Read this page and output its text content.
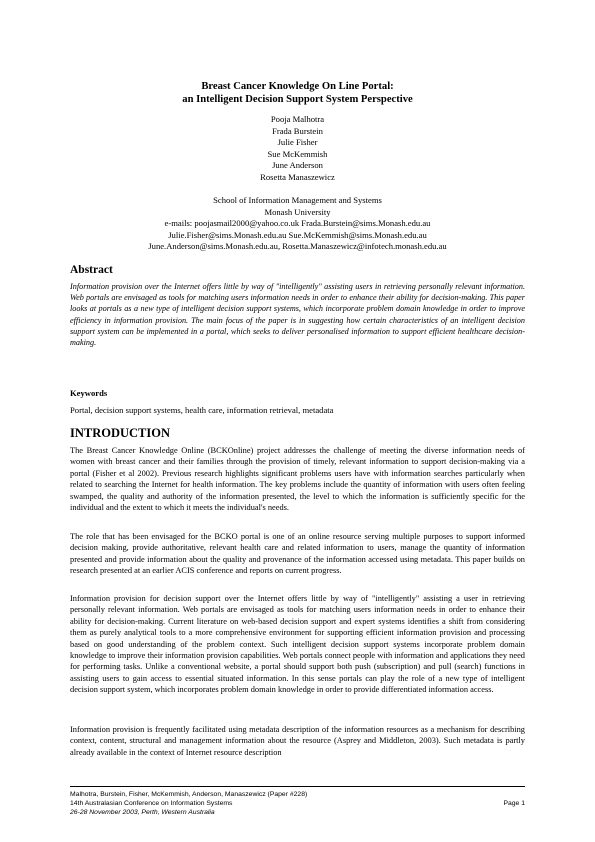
Breast Cancer Knowledge On Line Portal:
an Intelligent Decision Support System Perspective
Pooja Malhotra
Frada Burstein
Julie Fisher
Sue McKemmish
June Anderson
Rosetta Manaszewicz
School of Information Management and Systems
Monash University
e-mails: poojasmail2000@yahoo.co.uk Frada.Burstein@sims.Monash.edu.au
Julie.Fisher@sims.Monash.edu.au Sue.McKemmish@sims.Monash.edu.au
June.Anderson@sims.Monash.edu.au, Rosetta.Manaszewicz@infotech.monash.edu.au
Abstract
Information provision over the Internet offers little by way of "intelligently" assisting users in retrieving personally relevant information. Web portals are envisaged as tools for matching users information needs in order to enhance their ability for decision-making. This paper looks at portals as a new type of intelligent decision support systems, which incorporate problem domain knowledge in order to improve efficiency in information provision. The main focus of the paper is in suggesting how certain characteristics of an intelligent decision support system can be implemented in a portal, which seeks to deliver personalised information to support efficient healthcare decision-making.
Keywords
Portal, decision support systems, health care, information retrieval, metadata
INTRODUCTION
The Breast Cancer Knowledge Online (BCKOnline) project addresses the challenge of meeting the diverse information needs of women with breast cancer and their families through the provision of timely, relevant information to support decision-making via a portal (Fisher et al 2002). Previous research highlights significant problems users have with information searches particularly when related to searching the Internet for health information. The key problems include the quantity of information with users often feeling swamped, the quality and authority of the information presented, the level to which the information is sufficiently specific for the individual and the extent to which it meets the individual's needs.
The role that has been envisaged for the BCKO portal is one of an online resource serving multiple purposes to support informed decision making, provide authoritative, relevant health care and related information to users, manage the quantity of information presented and provide information about the quality and provenance of the information accessed using metadata. This paper builds on research presented at an earlier ACIS conference and reports on current progress.
Information provision for decision support over the Internet offers little by way of "intelligently" assisting a user in retrieving personally relevant information. Web portals are envisaged as tools for matching users information needs in order to enhance their ability for decision-making. Current literature on web-based decision support and expert systems identifies a shift from considering them as purely analytical tools to a more comprehensive environment for supporting efficient information provision and processing based on good understanding of the problem context. Such intelligent decision support systems incorporate problem domain knowledge to improve their information provision capabilities. Web portals connect people with information and applications they need for performing tasks. Unlike a conventional website, a portal should support both push (subscription) and pull (search) functions in assisting users to gain access to essential situated information. In this sense portals can play the role of a new type of intelligent decision support system, which incorporates problem domain knowledge in order to provide differentiated information access.
Information provision is frequently facilitated using metadata description of the information resources as a mechanism for describing context, content, structural and management information about the resource (Asprey and Middleton, 2003). Such metadata is partly already available in the context of Internet resource description
Malhotra, Burstein, Fisher, McKemmish, Anderson, Manaszewicz (Paper #228)
14th Australasian Conference on Information Systems
26-28 November 2003, Perth, Western Australia
Page 1
